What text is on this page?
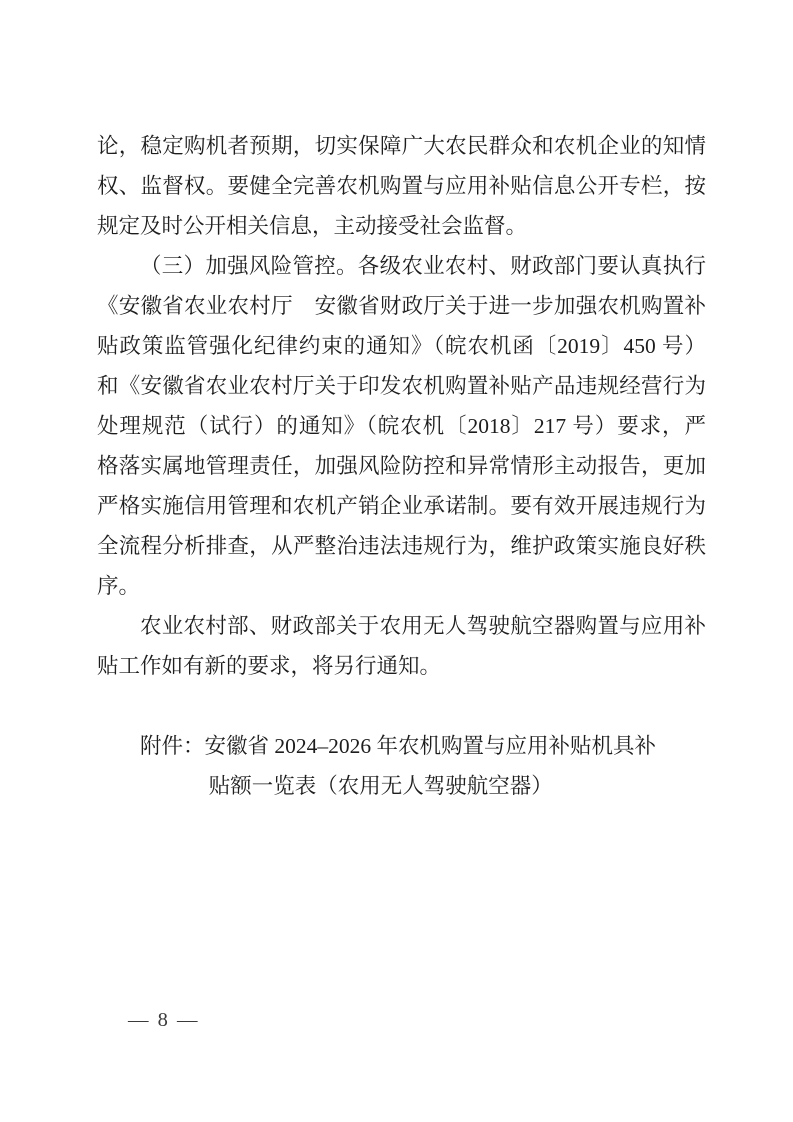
论，稳定购机者预期，切实保障广大农民群众和农机企业的知情
权、监督权。要健全完善农机购置与应用补贴信息公开专栏，按
规定及时公开相关信息，主动接受社会监督。
（三）加强风险管控。各级农业农村、财政部门要认真执行
《安徽省农业农村厅　安徽省财政厅关于进一步加强农机购置补
贴政策监管强化纪律约束的通知》（皖农机函〔2019〕450 号）
和《安徽省农业农村厅关于印发农机购置补贴产品违规经营行为
处理规范（试行）的通知》（皖农机〔2018〕217 号）要求，严
格落实属地管理责任，加强风险防控和异常情形主动报告，更加
严格实施信用管理和农机产销企业承诺制。要有效开展违规行为
全流程分析排查，从严整治违法违规行为，维护政策实施良好秩
序。
农业农村部、财政部关于农用无人驾驶航空器购置与应用补
贴工作如有新的要求，将另行通知。

附件：安徽省 2024–2026 年农机购置与应用补贴机具补
贴额一览表（农用无人驾驶航空器）
— 8 —
